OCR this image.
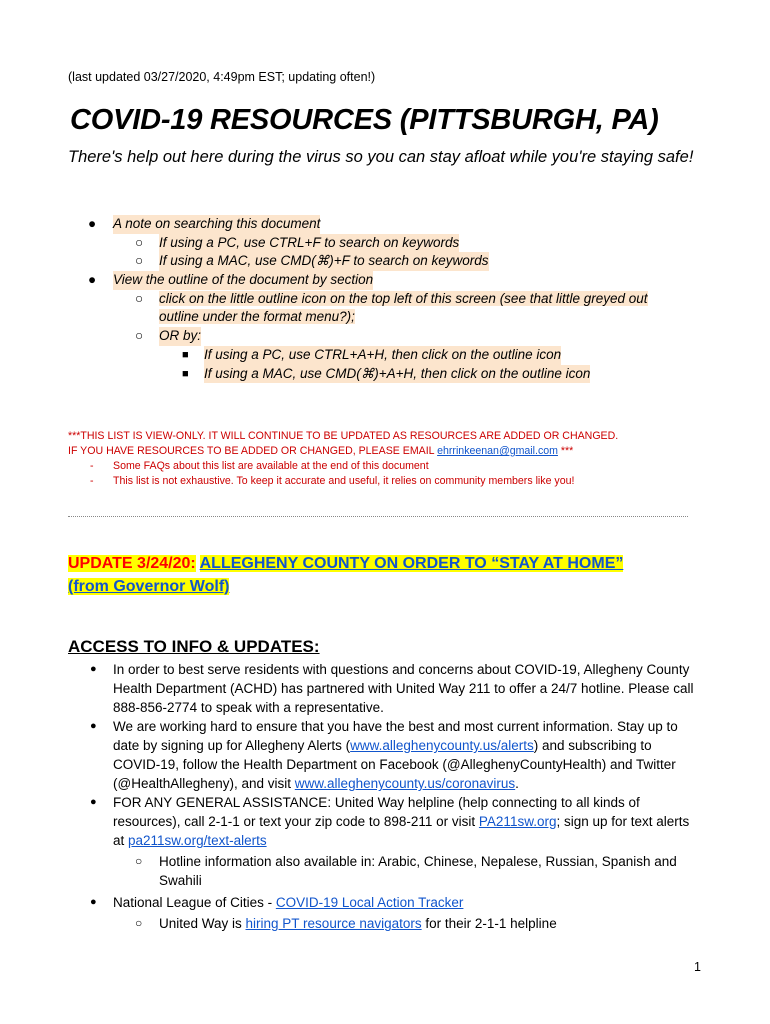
(last updated 03/27/2020, 4:49pm EST; updating often!)
COVID-19 RESOURCES (PITTSBURGH, PA)
There's help out here during the virus so you can stay afloat while you're staying safe!
● A note on searching this document
○ If using a PC, use CTRL+F to search on keywords
○ If using a MAC, use CMD(⌘)+F to search on keywords
● View the outline of the document by section
○ click on the little outline icon on the top left of this screen (see that little greyed out
outline under the format menu?);
○ OR by:
■ If using a PC, use CTRL+A+H, then click on the outline icon
■ If using a MAC, use CMD(⌘)+A+H, then click on the outline icon
***THIS LIST IS VIEW-ONLY. IT WILL CONTINUE TO BE UPDATED AS RESOURCES ARE ADDED OR CHANGED.
IF YOU HAVE RESOURCES TO BE ADDED OR CHANGED, PLEASE EMAIL ehrrinkeenan@gmail.com ***
- Some FAQs about this list are available at the end of this document
- This list is not exhaustive. To keep it accurate and useful, it relies on community members like you!
UPDATE 3/24/20: ALLEGHENY COUNTY ON ORDER TO “STAY AT HOME”
(from Governor Wolf)
ACCESS TO INFO & UPDATES:
● In order to best serve residents with questions and concerns about COVID-19, Allegheny County Health Department (ACHD) has partnered with United Way 211 to offer a 24/7 hotline. Please call 888-856-2774 to speak with a representative.
● We are working hard to ensure that you have the best and most current information. Stay up to date by signing up for Allegheny Alerts (www.alleghenycounty.us/alerts) and subscribing to COVID-19, follow the Health Department on Facebook (@AlleghenyCountyHealth) and Twitter (@HealthAllegheny), and visit www.alleghenycounty.us/coronavirus.
● FOR ANY GENERAL ASSISTANCE: United Way helpline (help connecting to all kinds of resources), call 2-1-1 or text your zip code to 898-211 or visit PA211sw.org; sign up for text alerts at pa211sw.org/text-alerts
○ Hotline information also available in: Arabic, Chinese, Nepalese, Russian, Spanish and Swahili
● National League of Cities - COVID-19 Local Action Tracker
○ United Way is hiring PT resource navigators for their 2-1-1 helpline
1
